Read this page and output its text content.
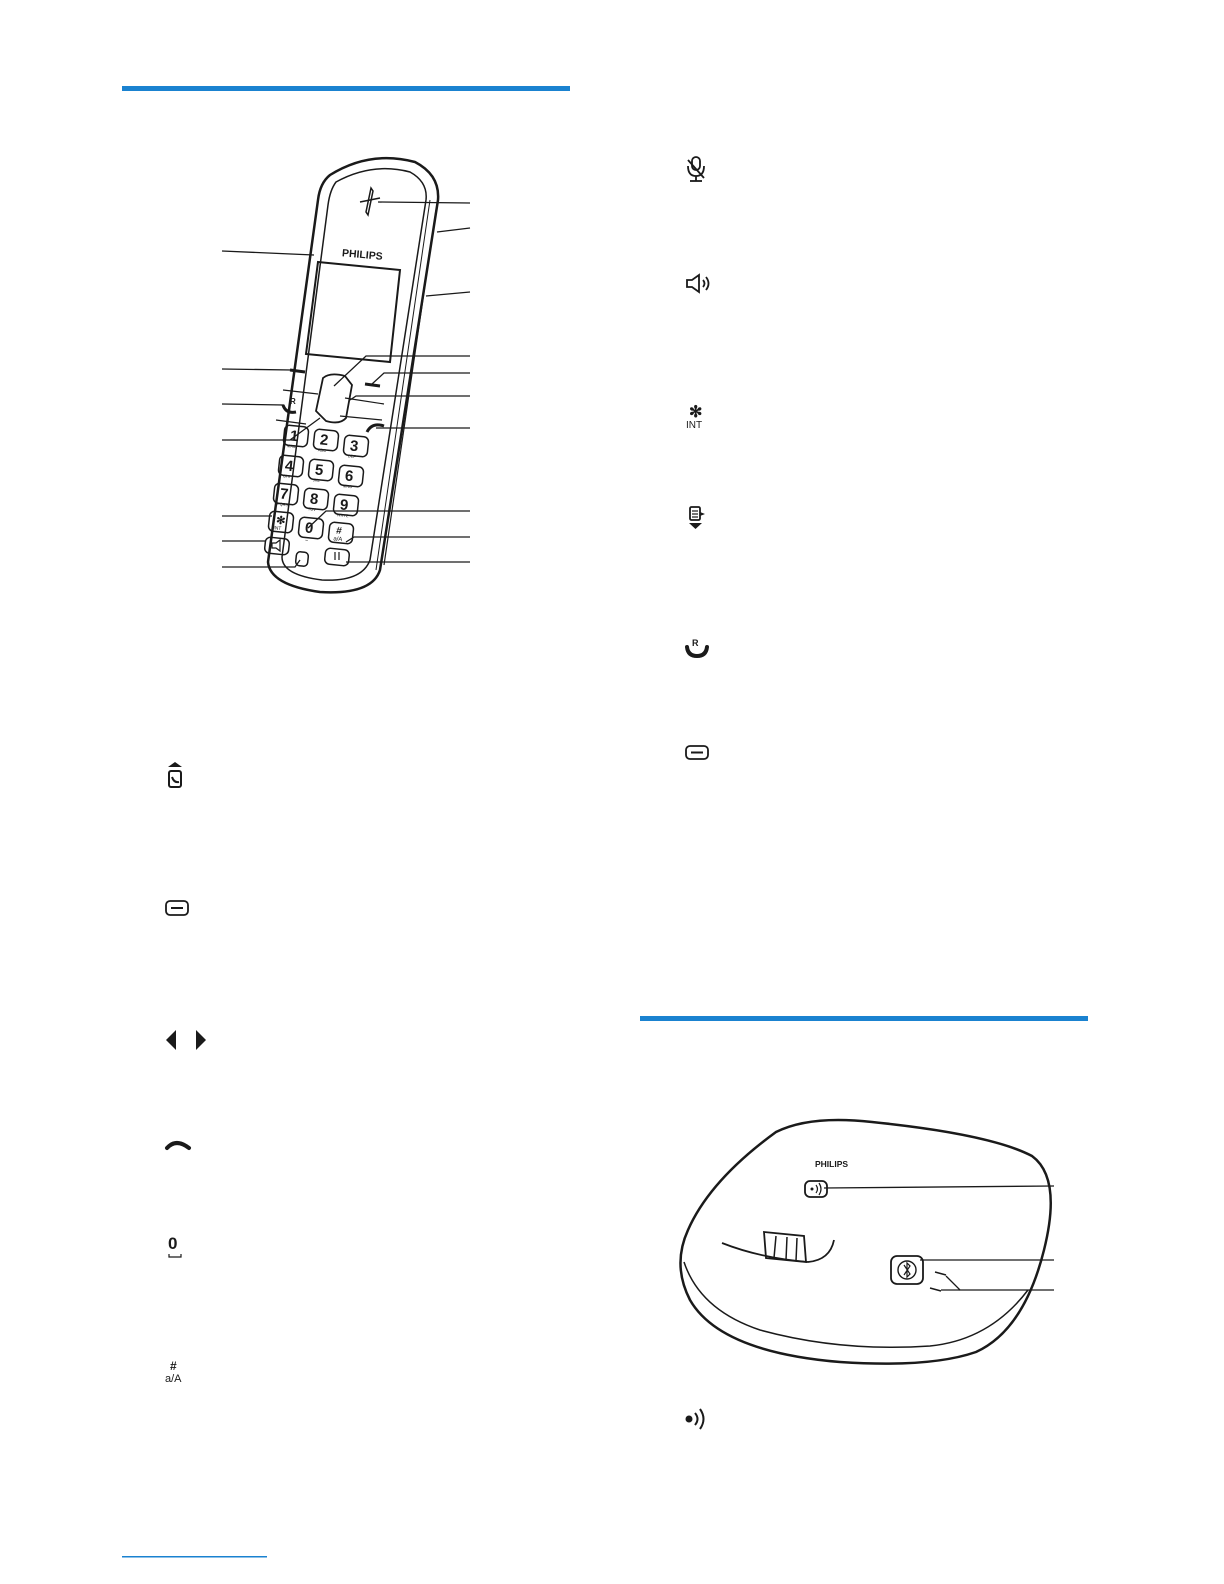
PHILIPS
R
1
MAIL 2
ABC 3
DEF
4
GHI 5
JKL 6
MNO
7
PQRS 8
TUV 9
WXYZ
0
⎵
✻
INT	#
a/A
0
#
a/A
✻
INT
R
PHILIPS
